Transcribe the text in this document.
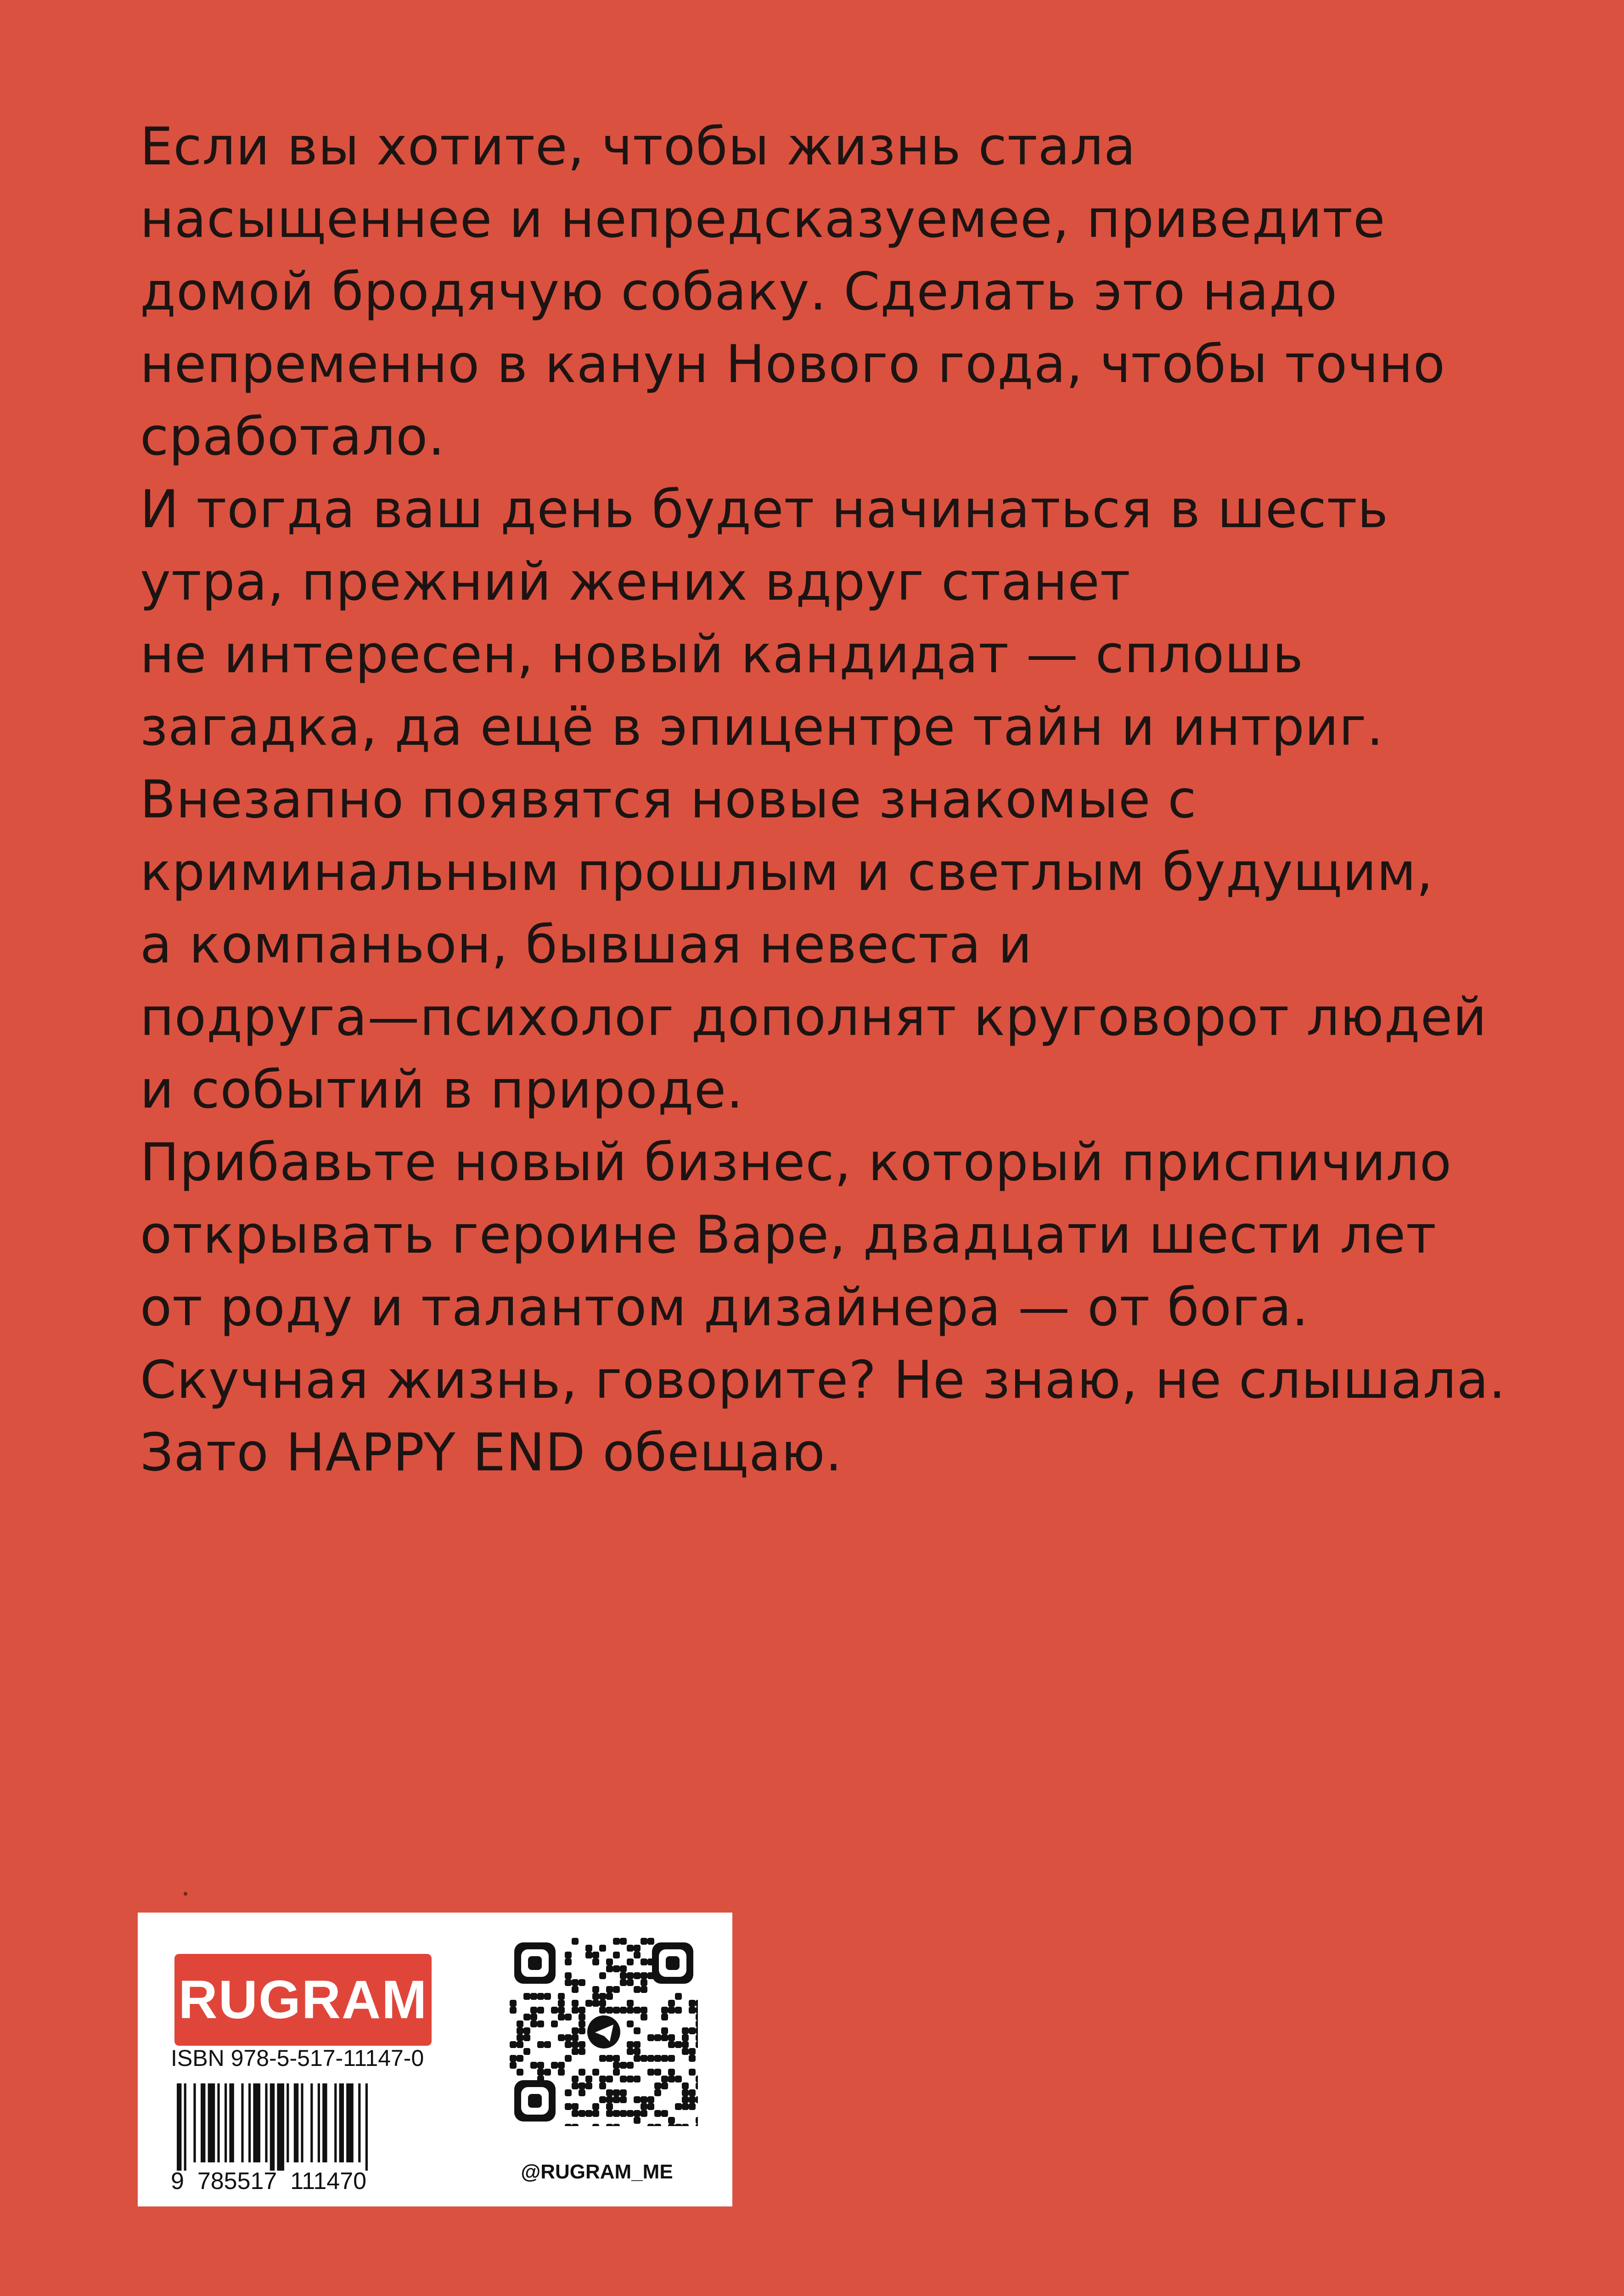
Если вы хотите, чтобы жизнь стала
насыщеннее и непредсказуемее, приведите
домой бродячую собаку. Сделать это надо
непременно в канун Нового года, чтобы точно
сработало.
И тогда ваш день будет начинаться в шесть
утра, прежний жених вдруг станет
не интересен, новый кандидат — сплошь
загадка, да ещё в эпицентре тайн и интриг.
Внезапно появятся новые знакомые с
криминальным прошлым и светлым будущим,
а компаньон, бывшая невеста и
подруга—психолог дополнят круговорот людей
и событий в природе.
Прибавьте новый бизнес, который приспичило
открывать героине Варе, двадцати шести лет
от роду и талантом дизайнера — от бога.
Скучная жизнь, говорите? Не знаю, не слышала.
Зато HAPPY END обещаю.
RUGRAM
ISBN 978-5-517-11147-0
9  785517  111470	@RUGRAM_ME
